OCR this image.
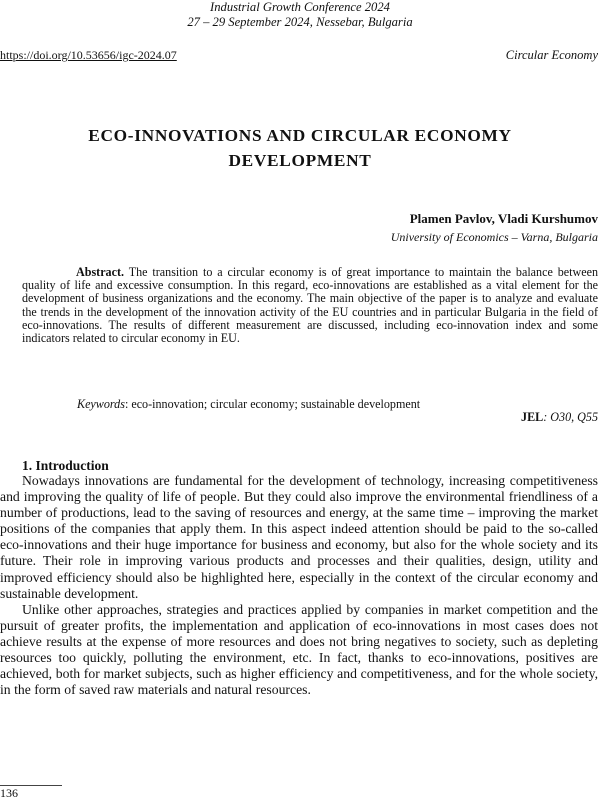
Industrial Growth Conference 2024
27 – 29 September 2024, Nessebar, Bulgaria
https://doi.org/10.53656/igc-2024.07	Circular Economy
ECO-INNOVATIONS AND CIRCULAR ECONOMY
DEVELOPMENT
Plamen Pavlov, Vladi Kurshumov
University of Economics – Varna, Bulgaria

Abstract. The transition to a circular economy is of great importance to maintain the balance between quality of life and excessive consumption. In this regard, eco-innovations are established as a vital element for the development of business organizations and the economy. The main objective of the paper is to analyze and evaluate the trends in the development of the innovation activity of the EU countries and in particular Bulgaria in the field of eco-innovations. The results of different measurement are discussed, including eco-innovation index and some indicators related to circular economy in EU.

Keywords: eco-innovation; circular economy; sustainable development
JEL: O30, Q55
1. Introduction

Nowadays innovations are fundamental for the development of technology, increasing competitiveness and improving the quality of life of people. But they could also improve the environmental friendliness of a number of productions, lead to the saving of resources and energy, at the same time – improving the market positions of the companies that apply them. In this aspect indeed attention should be paid to the so-called eco-innovations and their huge importance for business and economy, but also for the whole society and its future. Their role in improving various products and processes and their qualities, design, utility and improved efficiency should also be highlighted here, especially in the context of the circular economy and sustainable development.

Unlike other approaches, strategies and practices applied by companies in market competition and the pursuit of greater profits, the implementation and application of eco-innovations in most cases does not achieve results at the expense of more resources and does not bring negatives to society, such as depleting resources too quickly, polluting the environment, etc. In fact, thanks to eco-innovations, positives are achieved, both for market subjects, such as higher efficiency and competitiveness, and for the whole society, in the form of saved raw materials and natural resources.

136
